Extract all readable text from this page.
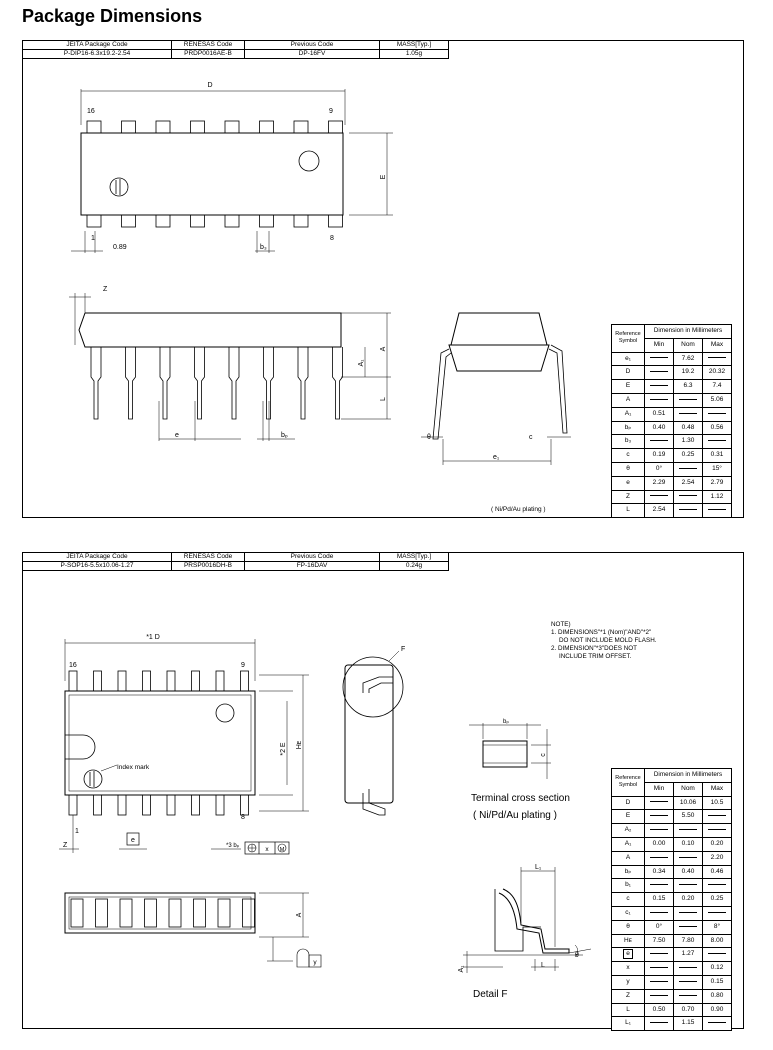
Package Dimensions
JEITA Package Code	RENESAS Code	Previous Code	MASS[Typ.]
P-DIP16-6.3x19.2-2.54	PRDP0016AE-B	DP-16FV	1.05g
D
E
16	9
1	8
0.89	b₃
Z
A
A₁
L
e	bₚ	θ	c
e₁
( Ni/Pd/Au plating )
Reference Symbol	Dimension in Millimeters		
	Min	Nom	Max
e₁		7.62	
D		19.2	20.32
E		6.3	7.4
A			5.06
A₁	0.51		
bₚ	0.40	0.48	0.56
b₃		1.30	
c	0.19	0.25	0.31
θ	0°		15°
e	2.29	2.54	2.79
Z			1.12
L	2.54		
JEITA Package Code	RENESAS Code	Previous Code	MASS[Typ.]
P-SOP16-5.5x10.06-1.27	PRSP0016DH-B	FP-16DAV	0.24g
NOTE)
1. DIMENSIONS"*1 (Nom)"AND"*2"
DO NOT INCLUDE MOLD FLASH.
2. DIMENSION"*3"DOES NOT
INCLUDE TRIM OFFSET.
*1 D
*2 E Hᴇ
16	9
1
8
Index mark
Z
e
*3 bₚ	x M
A
y
F
bₚ
c
Terminal cross section
( Ni/Pd/Au plating )
L₁
A₁	L
θ
Detail F
Reference Symbol	Dimension in Millimeters		
	Min	Nom	Max
D		10.06	10.5
E		5.50	
A₂			
A₁	0.00	0.10	0.20
A			2.20
bₚ	0.34	0.40	0.46
b₁			
c	0.15	0.20	0.25
c₁			
θ	0°		8°
Hᴇ	7.50	7.80	8.00
e		1.27	
x			0.12
y			0.15
Z			0.80
L	0.50	0.70	0.90
L₁		1.15	
